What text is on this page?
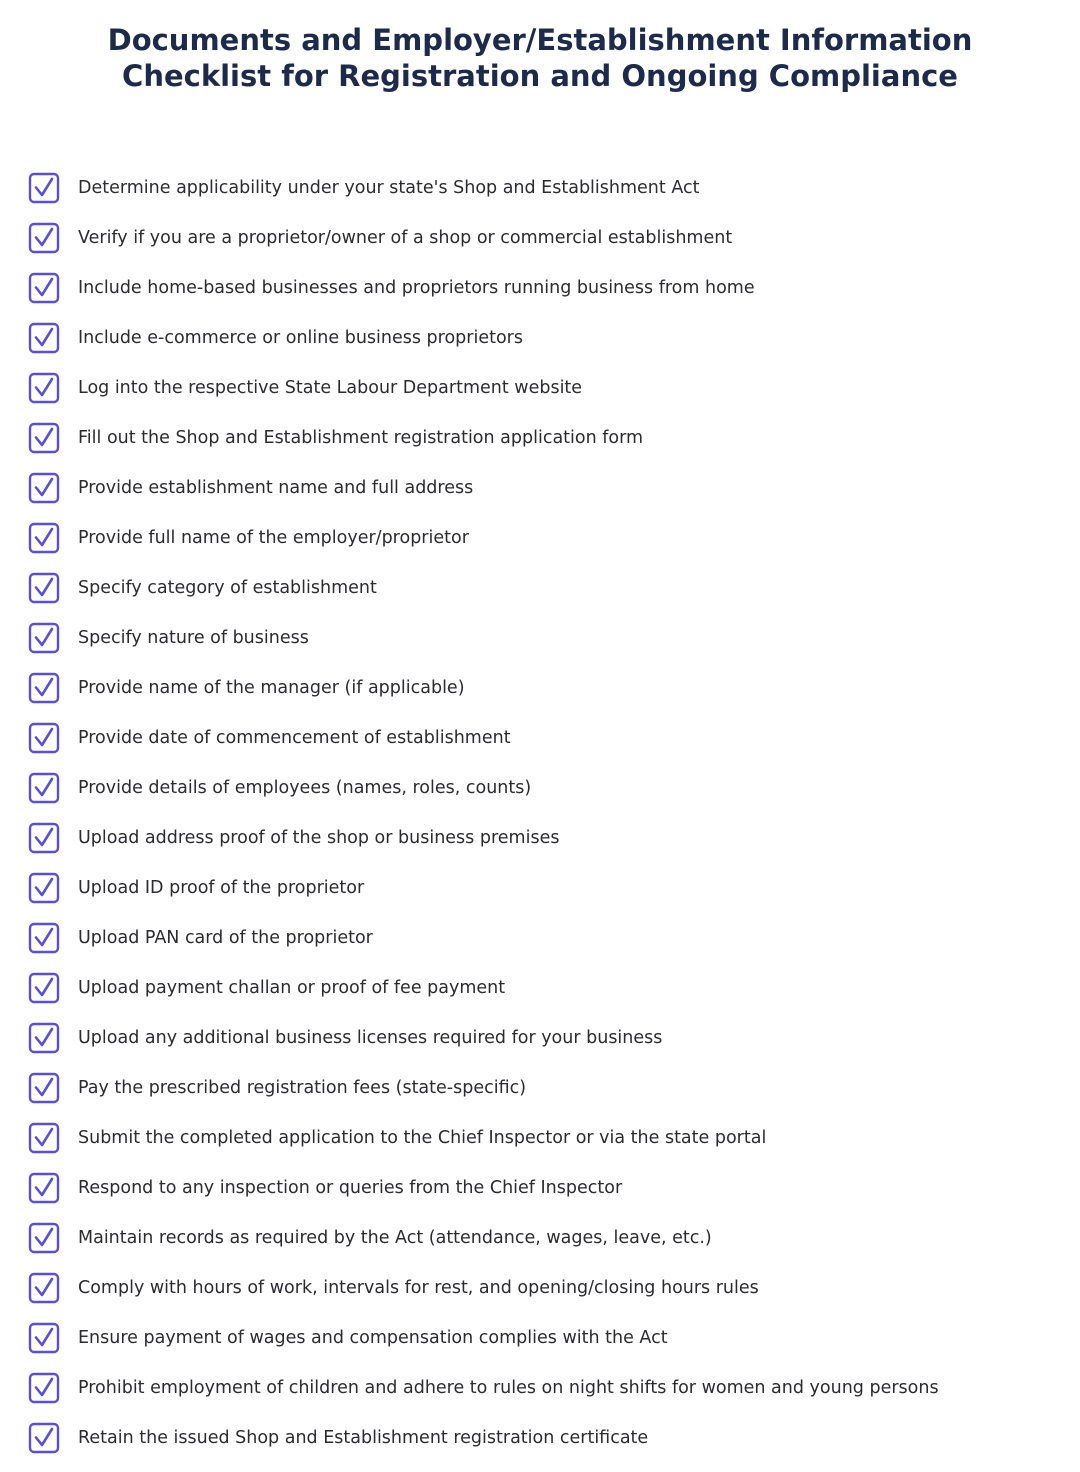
Documents and Employer/Establishment Information Checklist for Registration and Ongoing Compliance
Determine applicability under your state's Shop and Establishment Act
Verify if you are a proprietor/owner of a shop or commercial establishment
Include home-based businesses and proprietors running business from home
Include e-commerce or online business proprietors
Log into the respective State Labour Department website
Fill out the Shop and Establishment registration application form
Provide establishment name and full address
Provide full name of the employer/proprietor
Specify category of establishment
Specify nature of business
Provide name of the manager (if applicable)
Provide date of commencement of establishment
Provide details of employees (names, roles, counts)
Upload address proof of the shop or business premises
Upload ID proof of the proprietor
Upload PAN card of the proprietor
Upload payment challan or proof of fee payment
Upload any additional business licenses required for your business
Pay the prescribed registration fees (state-specific)
Submit the completed application to the Chief Inspector or via the state portal
Respond to any inspection or queries from the Chief Inspector
Maintain records as required by the Act (attendance, wages, leave, etc.)
Comply with hours of work, intervals for rest, and opening/closing hours rules
Ensure payment of wages and compensation complies with the Act
Prohibit employment of children and adhere to rules on night shifts for women and young persons
Retain the issued Shop and Establishment registration certificate
